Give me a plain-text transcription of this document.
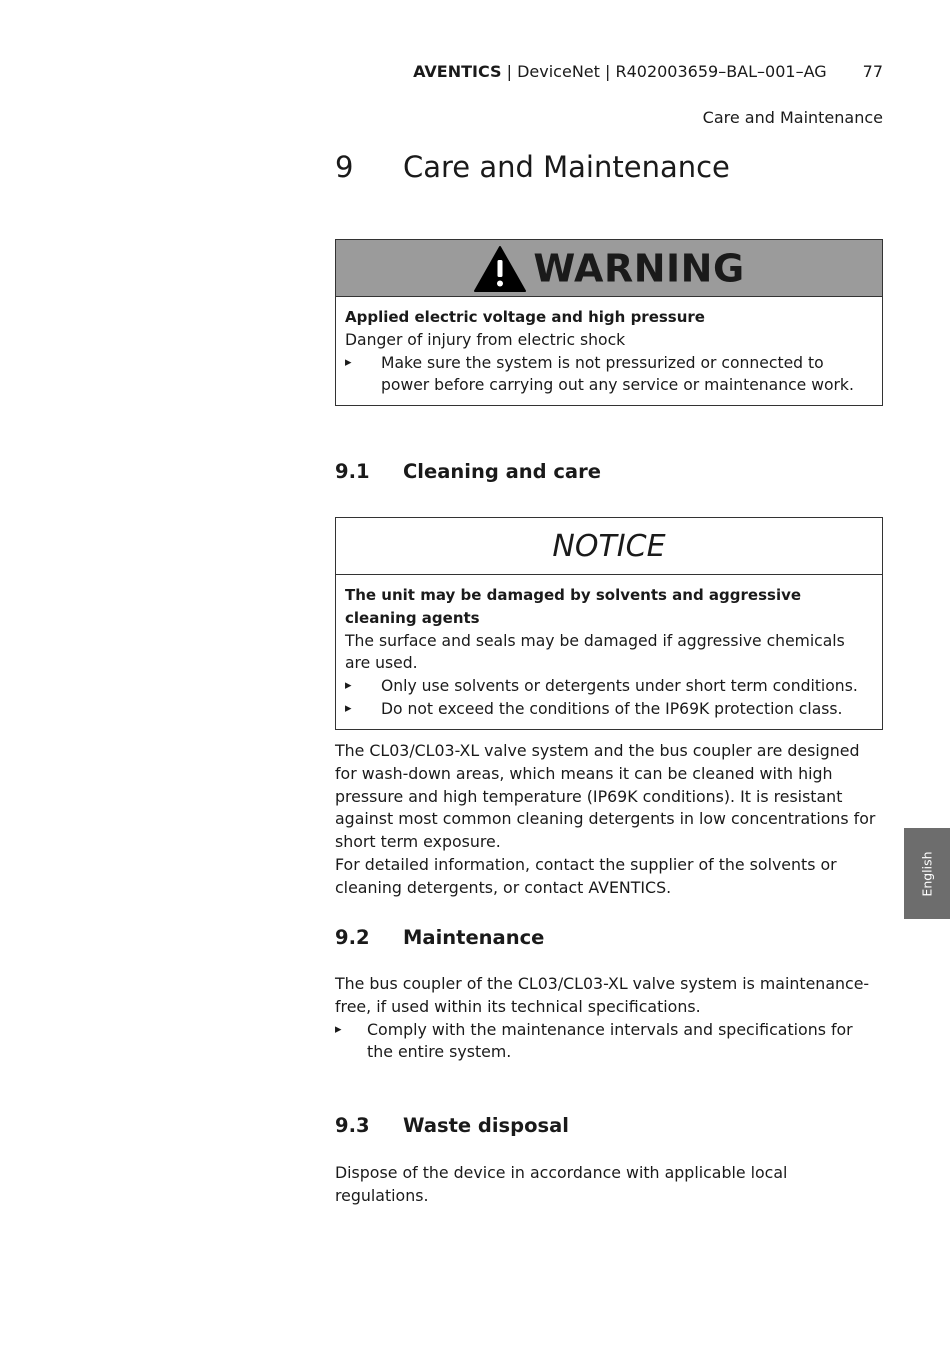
AVENTICS | DeviceNet | R402003659–BAL–001–AG 77
Care and Maintenance
9 Care and Maintenance
WARNING
Applied electric voltage and high pressure
Danger of injury from electric shock
▸ Make sure the system is not pressurized or connected to power before carrying out any service or maintenance work.
9.1 Cleaning and care
NOTICE
The unit may be damaged by solvents and aggressive cleaning agents
The surface and seals may be damaged if aggressive chemicals are used.
▸ Only use solvents or detergents under short term conditions.
▸ Do not exceed the conditions of the IP69K protection class.
The CL03/CL03-XL valve system and the bus coupler are designed for wash-down areas, which means it can be cleaned with high pressure and high temperature (IP69K conditions). It is resistant against most common cleaning detergents in low concentrations for short term exposure.
For detailed information, contact the supplier of the solvents or cleaning detergents, or contact AVENTICS.
9.2 Maintenance
The bus coupler of the CL03/CL03-XL valve system is maintenance-free, if used within its technical specifications.
▸ Comply with the maintenance intervals and specifications for the entire system.
9.3 Waste disposal
Dispose of the device in accordance with applicable local regulations.
English
